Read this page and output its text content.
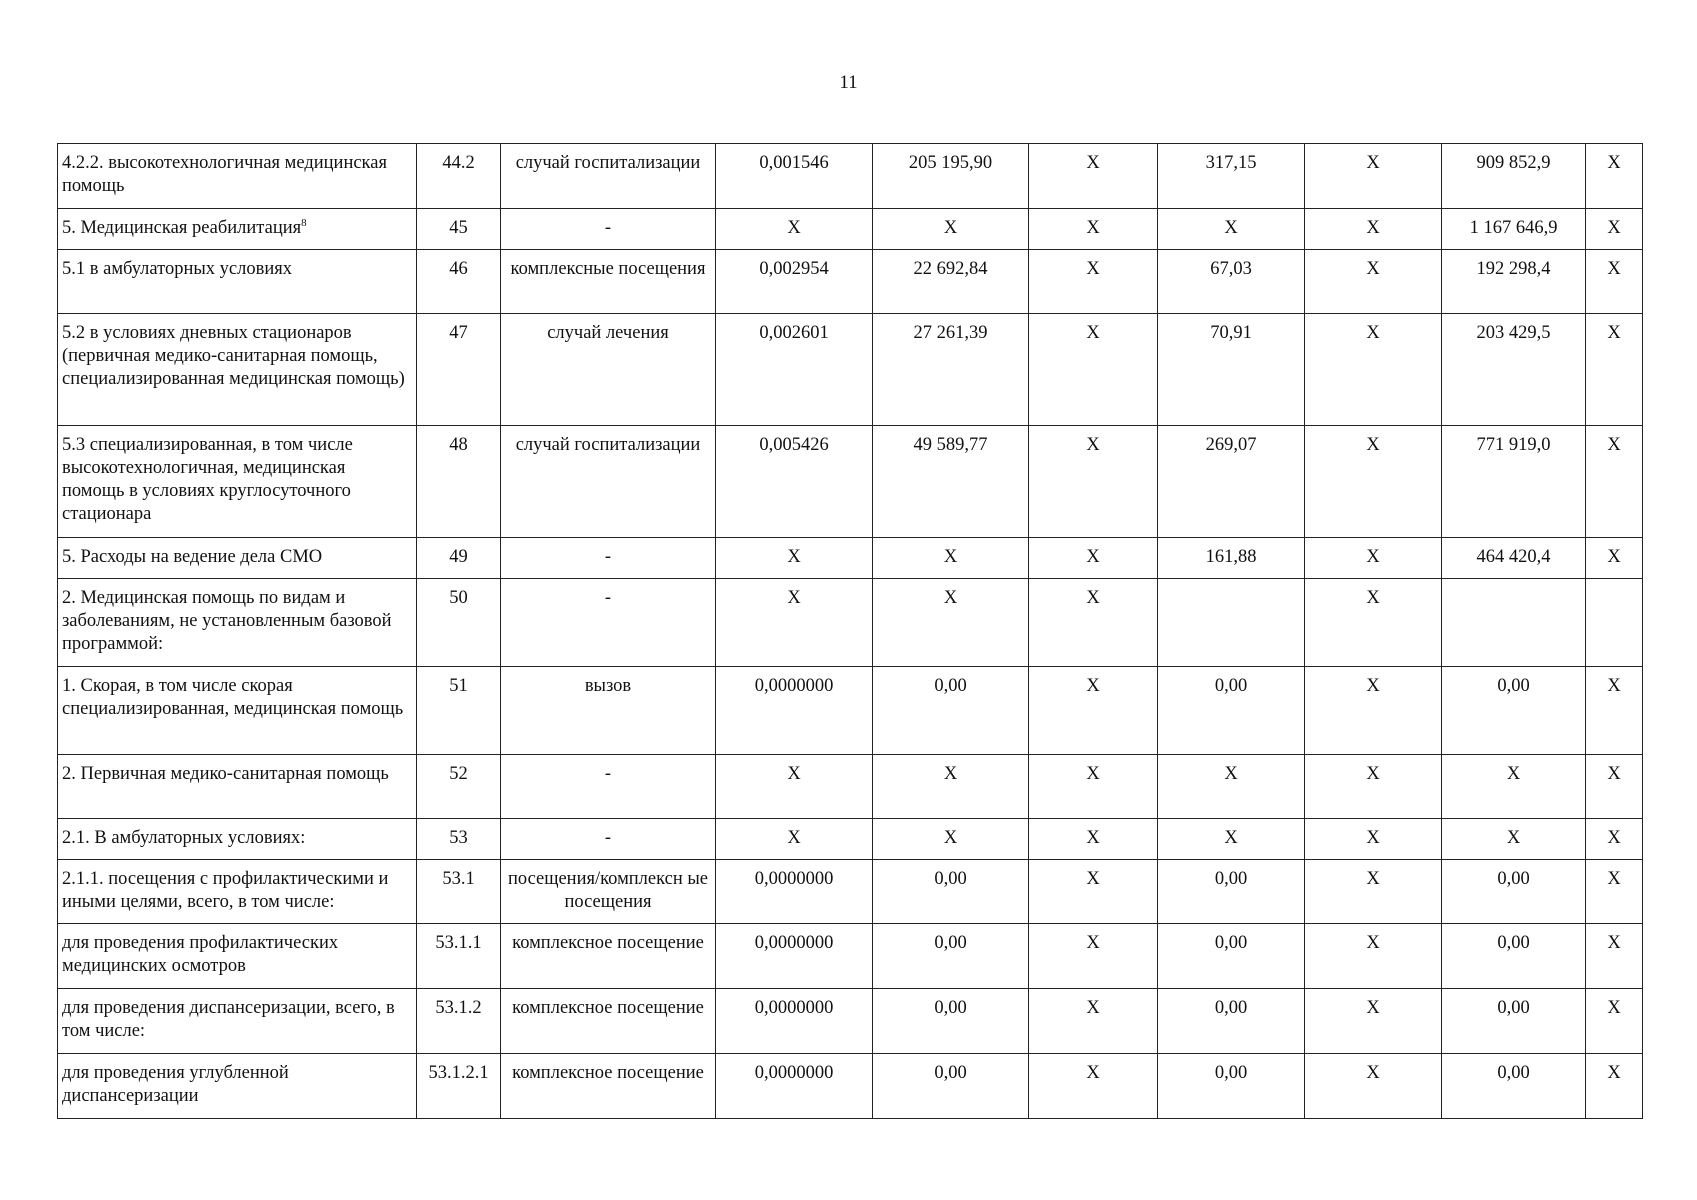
11
4.2.2. высокотехнологичная медицинская помощь	44.2	случай госпитализации	0,001546	205 195,90	Х	317,15	Х	909 852,9	Х
5. Медицинская реабилитация$^8$	45	-	Х	Х	Х	Х	Х	1 167 646,9	Х
5.1 в амбулаторных условиях	46	комплексные посещения	0,002954	22 692,84	Х	67,03	Х	192 298,4	Х
5.2 в условиях дневных стационаров (первичная медико-санитарная помощь, специализированная медицинская помощь)	47	случай лечения	0,002601	27 261,39	Х	70,91	Х	203 429,5	Х
5.3 специализированная, в том числе высокотехнологичная, медицинская помощь в условиях круглосуточного стационара	48	случай госпитализации	0,005426	49 589,77	Х	269,07	Х	771 919,0	Х
5. Расходы на ведение дела СМО	49	-	Х	Х	Х	161,88	Х	464 420,4	Х
2. Медицинская помощь по видам и заболеваниям, не установленным базовой программой:	50	-	Х	Х	Х		Х		
1. Скорая, в том числе скорая специализированная, медицинская помощь	51	вызов	0,0000000	0,00	Х	0,00	Х	0,00	Х
2. Первичная медико-санитарная помощь	52	-	Х	Х	Х	Х	Х	Х	Х
2.1. В амбулаторных условиях:	53	-	Х	Х	Х	Х	Х	Х	Х
2.1.1. посещения с профилактическими и иными целями, всего, в том числе:	53.1	посещения/комплексн ые посещения	0,0000000	0,00	Х	0,00	Х	0,00	Х
для проведения профилактических медицинских осмотров	53.1.1	комплексное посещение	0,0000000	0,00	Х	0,00	Х	0,00	Х
для проведения диспансеризации, всего, в том числе:	53.1.2	комплексное посещение	0,0000000	0,00	Х	0,00	Х	0,00	Х
для проведения углубленной диспансеризации	53.1.2.1	комплексное посещение	0,0000000	0,00	Х	0,00	Х	0,00	Х
